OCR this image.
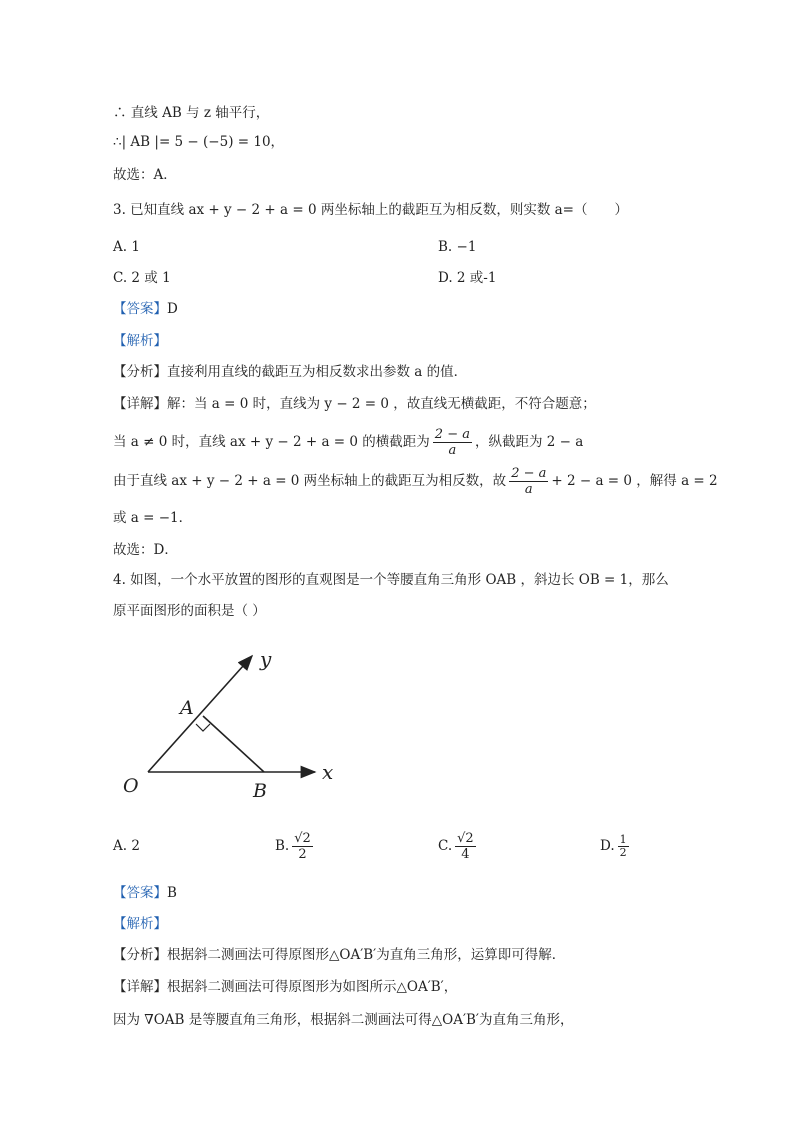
∴ 直线 AB 与 z 轴平行，
∴| AB |= 5 − (−5) = 10，
故选：A．
3. 已知直线 ax + y − 2 + a = 0 两坐标轴上的截距互为相反数，则实数 a=（　　）
A. 1	B. −1
C. 2 或 1	D. 2 或-1
【答案】D
【解析】
【分析】直接利用直线的截距互为相反数求出参数 a 的值．
【详解】解：当 a = 0 时，直线为 y − 2 = 0 ，故直线无横截距，不符合题意；
当 a ≠ 0 时，直线 ax + y − 2 + a = 0 的横截距为 $\frac{2 - a}{a}$ ，纵截距为 2 − a
由于直线 ax + y − 2 + a = 0 两坐标轴上的截距互为相反数，故 $\frac{2 - a}{a} + 2 - a = 0$ ，解得 a = 2
或 a = −1．
故选：D．
4. 如图，一个水平放置的图形的直观图是一个等腰直角三角形 OAB ，斜边长 OB = 1，那么
原平面图形的面积是（ ）
y
x
A
O	B
A. 2	B. $\frac{√2}{2}$	C. $\frac{√2}{4}$	D. $\frac{1}{2}$
【答案】B
【解析】
【分析】根据斜二测画法可得原图形△OA′B′为直角三角形，运算即可得解．
【详解】根据斜二测画法可得原图形为如图所示△OA′B′，
因为 ∇OAB 是等腰直角三角形，根据斜二测画法可得△OA′B′为直角三角形，
